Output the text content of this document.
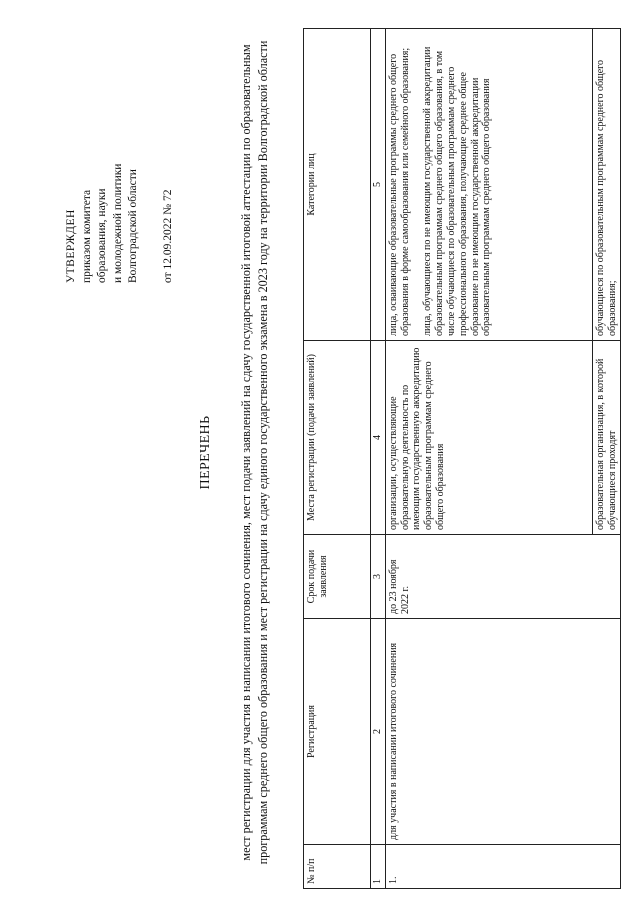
УТВЕРЖДЕН приказом комитета образования, науки и молодежной политики Волгоградской области от 12.09.2022 № 72
ПЕРЕЧЕНЬ мест регистрации для участия в написании итогового сочинения, мест подачи заявлений на сдачу государственной итоговой аттестации по образовательным программам среднего общего образования и мест регистрации на сдачу единого государственного экзамена в 2023 году на территории Волгоградской области
№ п/п	Регистрация	Срок подачи заявления	Места регистрации (подачи заявлений)	Категории лиц
1	2	3	4	5
1.	для участия в написании итогового сочинения	до 23 ноября 2022 г.	организации, осуществляющие образовательную деятельность по имеющим государственную аккредитацию образовательным программам среднего общего образования	лица, осваивающие образовательные программы среднего общего образования в форме самообразования или семейного образования; лица, обучающиеся по не имеющим государственной аккредитации образовательным программам среднего общего образования, в том числе обучающиеся по образовательным программам среднего профессионального образования, получающие среднее общее образование по не имеющим государственной аккредитации образовательным программам среднего общего образования

			образовательная организация, в которой обучающиеся проходят	обучающиеся по образовательным программам среднего общего образования;
